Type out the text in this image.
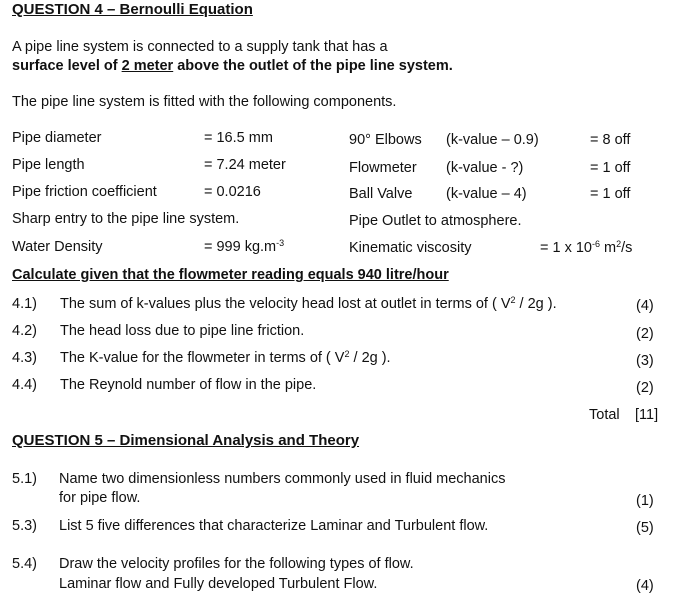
QUESTION 4 – Bernoulli Equation
A pipe line system is connected to a supply tank that has a
surface level of 2 meter above the outlet of the pipe line system.
The pipe line system is fitted with the following components.
Pipe diameter	= 16.5 mm	90° Elbows (k-value – 0.9)	= 8 off
Pipe length	= 7.24 meter	Flowmeter (k-value - ?)	= 1 off
Pipe friction coefficient	= 0.0216	Ball Valve (k-value – 4)	= 1 off
Sharp entry to the pipe line system.	Pipe Outlet to atmosphere.
Water Density	= 999 $kg.m^{-3}$	Kinematic viscosity	= 1 x $10^{-6}$ $m^2/s$
Calculate given that the flowmeter reading equals 940 litre/hour
4.1) The sum of k-values plus the velocity head lost at outlet in terms of ( $V^2 / 2g$ ).	(4)
4.2) The head loss due to pipe line friction.	(2)
4.3) The K-value for the flowmeter in terms of ( $V^2 / 2g$ ).	(3)
4.4) The Reynold number of flow in the pipe.	(2)
Total [11]
QUESTION 5 – Dimensional Analysis and Theory
5.1) Name two dimensionless numbers commonly used in fluid mechanics
for pipe flow.	(1)
5.3) List 5 five differences that characterize Laminar and Turbulent flow.	(5)
5.4) Draw the velocity profiles for the following types of flow.
Laminar flow and Fully developed Turbulent Flow.	(4)
